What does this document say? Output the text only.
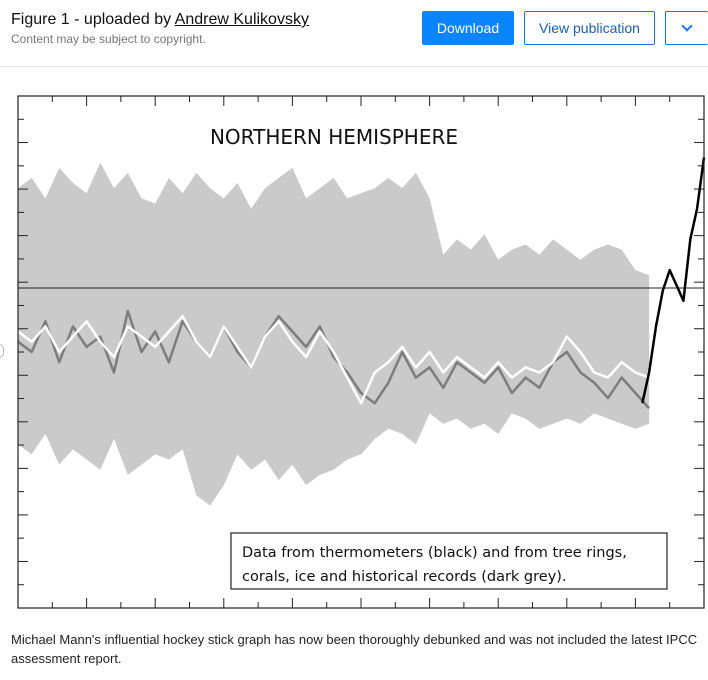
Figure 1 - uploaded by Andrew Kulikovsky
Content may be subject to copyright.
Download	View publication
NORTHERN HEMISPHERE
Data from thermometers (black) and from tree rings,
corals, ice and historical records (dark grey).
Michael Mann's influential hockey stick graph has now been thoroughly debunked and was not included the latest IPCC assessment report.
